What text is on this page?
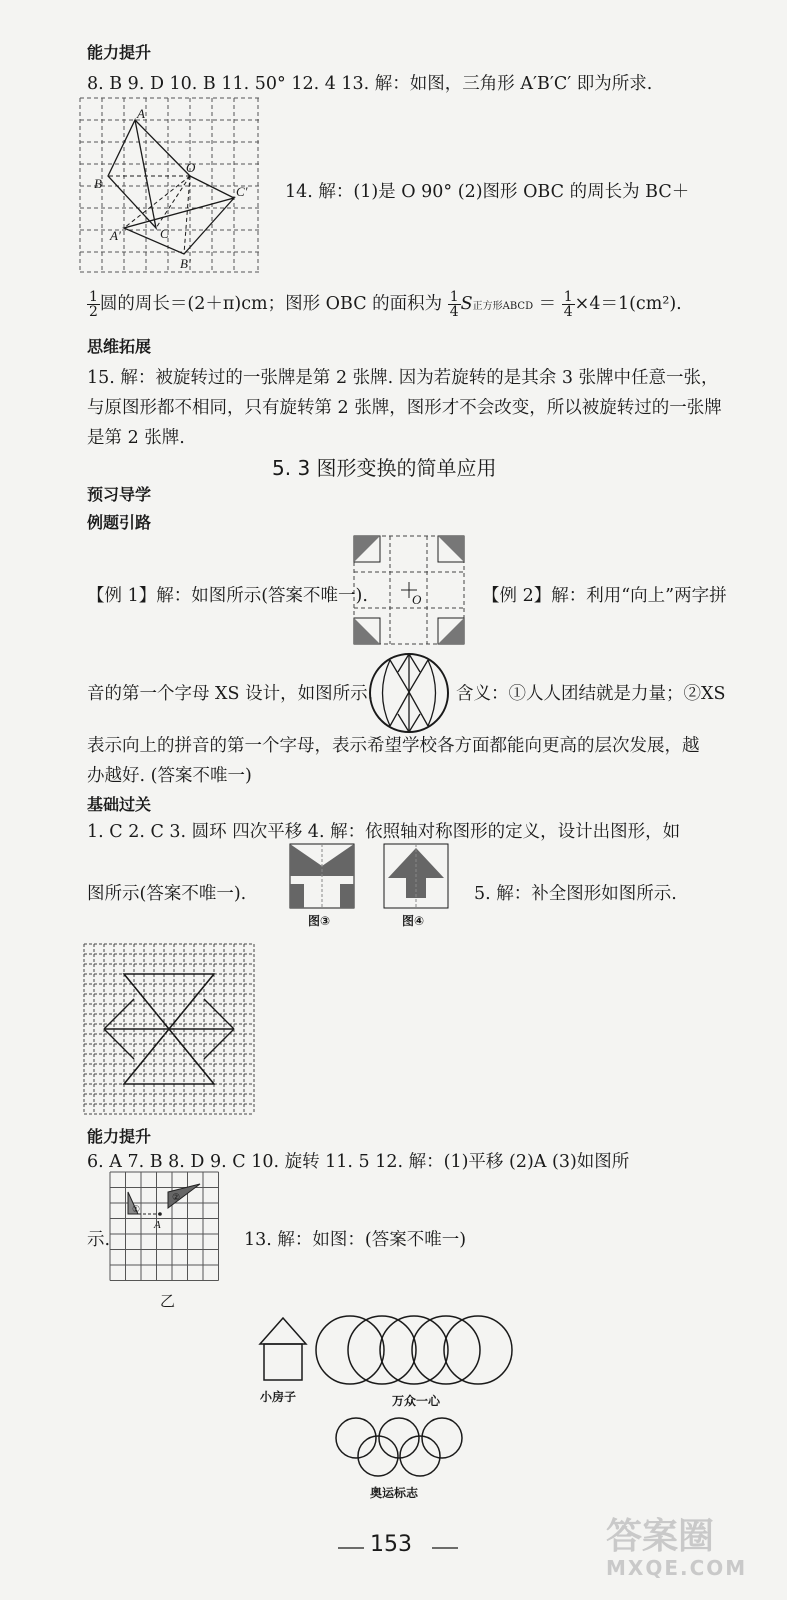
能力提升
8. B 9. D 10. B 11. 50° 12. 4 13. 解：如图，三角形 A′B′C′ 即为所求.
A
O
B
C′
A′	C
B′
14. 解：(1)是 O 90° (2)图形 OBC 的周长为 BC＋
$\frac{1}{2}$ 圆的周长＝(2＋π)cm；图形 OBC 的面积为 $\frac{1}{4}$ S正方形ABCD ＝ $\frac{1}{4} \times 4=1(cm^2)$.
思维拓展
15. 解：被旋转过的一张牌是第 2 张牌. 因为若旋转的是其余 3 张牌中任意一张，
与原图形都不相同，只有旋转第 2 张牌，图形才不会改变，所以被旋转过的一张牌
是第 2 张牌.
5. 3 图形变换的简单应用
预习导学
例题引路
O
【例 1】解：如图所示(答案不唯一).	【例 2】解：利用“向上”两字拼
音的第一个字母 XS 设计，如图所示.	含义：①人人团结就是力量；②XS
表示向上的拼音的第一个字母，表示希望学校各方面都能向更高的层次发展，越
办越好. (答案不唯一)
基础过关
1. C 2. C 3. 圆环 四次平移 4. 解：依照轴对称图形的定义，设计出图形，如
图所示(答案不唯一).
图③	图④
5. 解：补全图形如图所示.
能力提升
6. A 7. B 8. D 9. C 10. 旋转 11. 5 12. 解：(1)平移 (2)A (3)如图所
示.
①
②
A
乙
13. 解：如图：(答案不唯一)
小房子	万众一心
奥运标志
153	答案圈
MXQE.COM
